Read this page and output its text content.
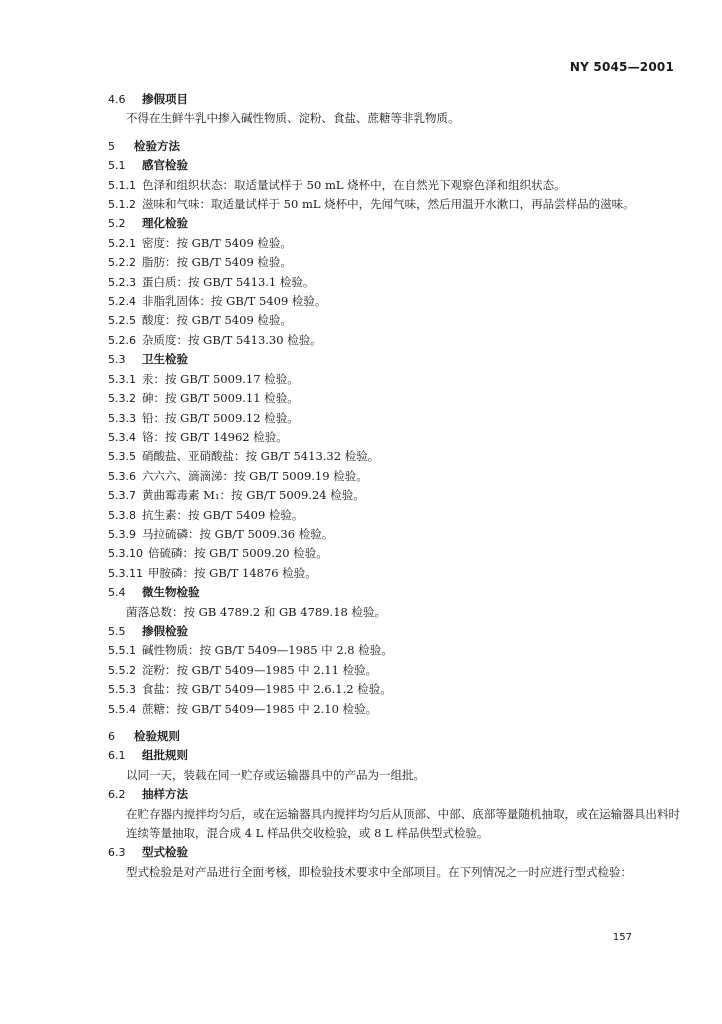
NY 5045—2001
4.6 掺假项目
不得在生鲜牛乳中掺入碱性物质、淀粉、食盐、蔗糖等非乳物质。
5 检验方法
5.1 感官检验
5.1.1 色泽和组织状态：取适量试样于 50 mL 烧杯中，在自然光下观察色泽和组织状态。
5.1.2 滋味和气味：取适量试样于 50 mL 烧杯中，先闻气味，然后用温开水漱口，再品尝样品的滋味。
5.2 理化检验
5.2.1 密度：按 GB/T 5409 检验。
5.2.2 脂肪：按 GB/T 5409 检验。
5.2.3 蛋白质：按 GB/T 5413.1 检验。
5.2.4 非脂乳固体：按 GB/T 5409 检验。
5.2.5 酸度：按 GB/T 5409 检验。
5.2.6 杂质度：按 GB/T 5413.30 检验。
5.3 卫生检验
5.3.1 汞：按 GB/T 5009.17 检验。
5.3.2 砷：按 GB/T 5009.11 检验。
5.3.3 铅：按 GB/T 5009.12 检验。
5.3.4 铬：按 GB/T 14962 检验。
5.3.5 硝酸盐、亚硝酸盐：按 GB/T 5413.32 检验。
5.3.6 六六六、滴滴涕：按 GB/T 5009.19 检验。
5.3.7 黄曲霉毒素 M₁：按 GB/T 5009.24 检验。
5.3.8 抗生素：按 GB/T 5409 检验。
5.3.9 马拉硫磷：按 GB/T 5009.36 检验。
5.3.10 倍硫磷：按 GB/T 5009.20 检验。
5.3.11 甲胺磷：按 GB/T 14876 检验。
5.4 微生物检验
菌落总数：按 GB 4789.2 和 GB 4789.18 检验。
5.5 掺假检验
5.5.1 碱性物质：按 GB/T 5409—1985 中 2.8 检验。
5.5.2 淀粉：按 GB/T 5409—1985 中 2.11 检验。
5.5.3 食盐：按 GB/T 5409—1985 中 2.6.1.2 检验。
5.5.4 蔗糖：按 GB/T 5409—1985 中 2.10 检验。
6 检验规则
6.1 组批规则
以同一天，装载在同一贮存或运输器具中的产品为一组批。
6.2 抽样方法
在贮存器内搅拌均匀后，或在运输器具内搅拌均匀后从顶部、中部、底部等量随机抽取，或在运输器具出料时连续等量抽取，混合成 4 L 样品供交收检验，或 8 L 样品供型式检验。
6.3 型式检验
型式检验是对产品进行全面考核，即检验技术要求中全部项目。在下列情况之一时应进行型式检验：
157
